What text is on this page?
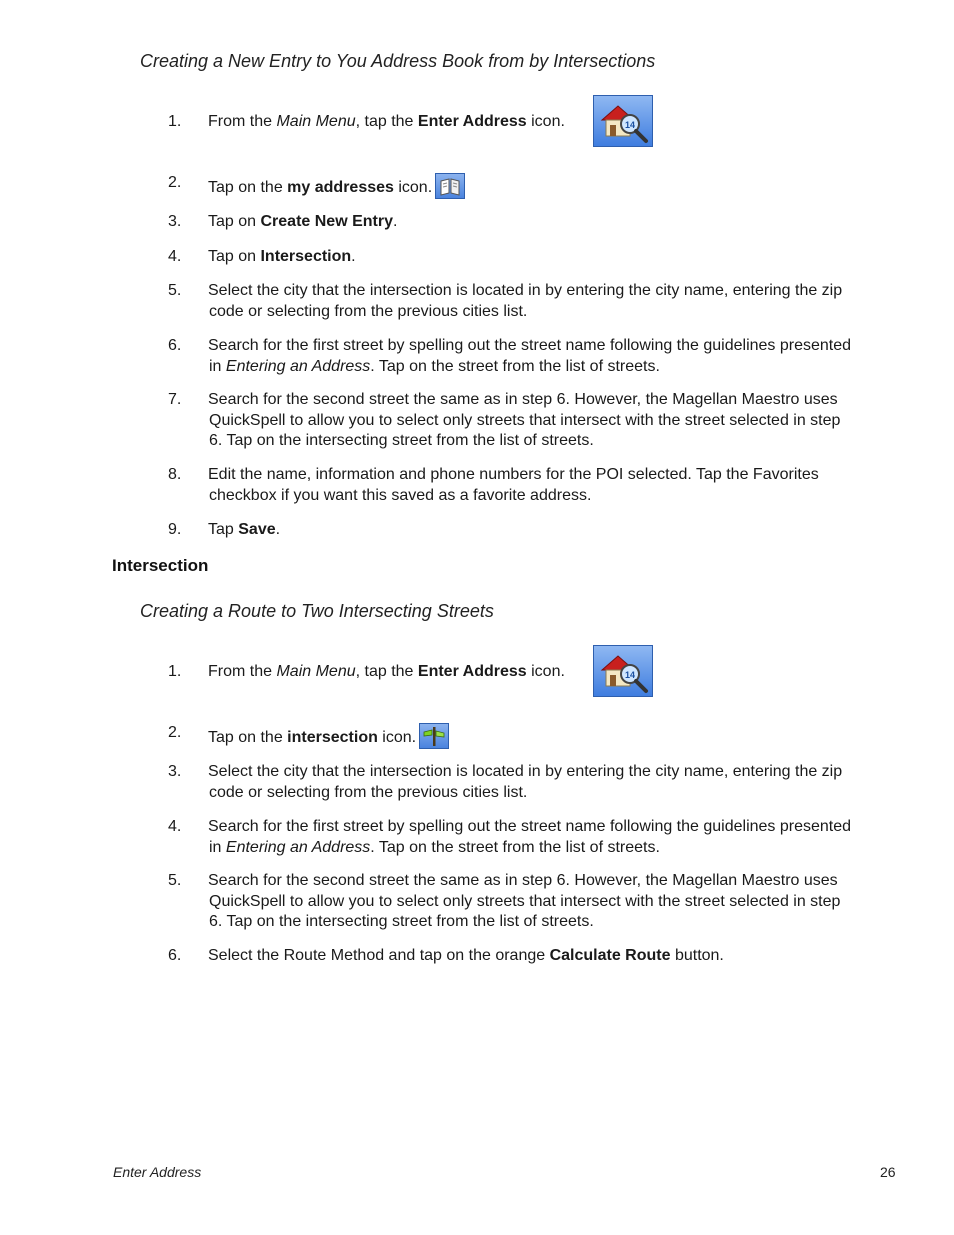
Creating a New Entry to You Address Book from by Intersections
1.	From the Main Menu, tap the Enter Address icon.	14
2.	Tap on the my addresses icon.
3.	Tap on Create New Entry.
4.	Tap on Intersection.
5.	Select the city that the intersection is located in by entering the city name, entering the zip
code or selecting from the previous cities list.
6.	Search for the first street by spelling out the street name following the guidelines presented
in Entering an Address. Tap on the street from the list of streets.
7.	Search for the second street the same as in step 6. However, the Magellan Maestro uses
QuickSpell to allow you to select only streets that intersect with the street selected in step
6. Tap on the intersecting street from the list of streets.
8.	Edit the name, information and phone numbers for the POI selected. Tap the Favorites
checkbox if you want this saved as a favorite address.
9.	Tap Save.
Intersection
Creating a Route to Two Intersecting Streets
1.	From the Main Menu, tap the Enter Address icon.	14
2.	Tap on the intersection icon.
3.	Select the city that the intersection is located in by entering the city name, entering the zip
code or selecting from the previous cities list.
4.	Search for the first street by spelling out the street name following the guidelines presented
in Entering an Address. Tap on the street from the list of streets.
5.	Search for the second street the same as in step 6. However, the Magellan Maestro uses
QuickSpell to allow you to select only streets that intersect with the street selected in step
6. Tap on the intersecting street from the list of streets.
6.	Select the Route Method and tap on the orange Calculate Route button.
Enter Address	26
